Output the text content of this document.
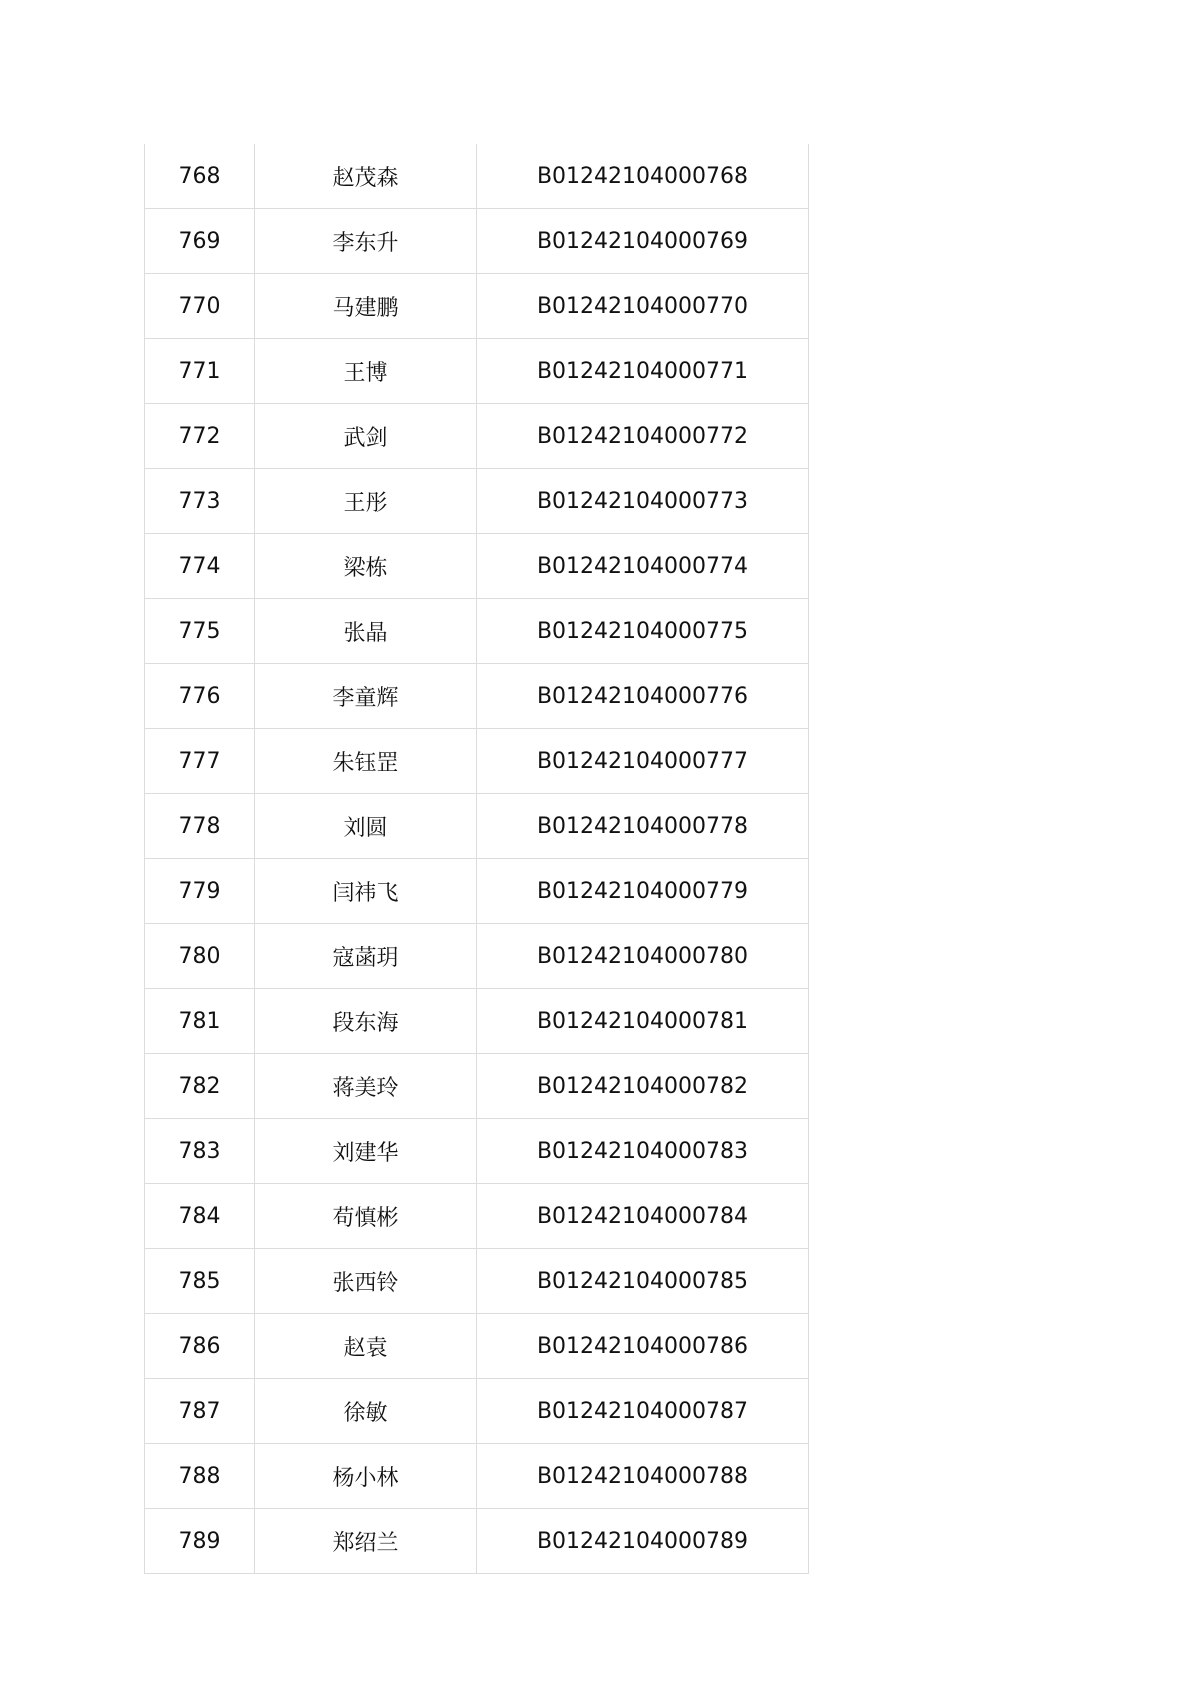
768	赵茂森	B01242104000768
769	李东升	B01242104000769
770	马建鹏	B01242104000770
771	王博	B01242104000771
772	武剑	B01242104000772
773	王彤	B01242104000773
774	梁栋	B01242104000774
775	张晶	B01242104000775
776	李童辉	B01242104000776
777	朱钰罡	B01242104000777
778	刘圆	B01242104000778
779	闫祎飞	B01242104000779
780	寇菡玥	B01242104000780
781	段东海	B01242104000781
782	蒋美玲	B01242104000782
783	刘建华	B01242104000783
784	苟慎彬	B01242104000784
785	张西铃	B01242104000785
786	赵袁	B01242104000786
787	徐敏	B01242104000787
788	杨小林	B01242104000788
789	郑绍兰	B01242104000789
